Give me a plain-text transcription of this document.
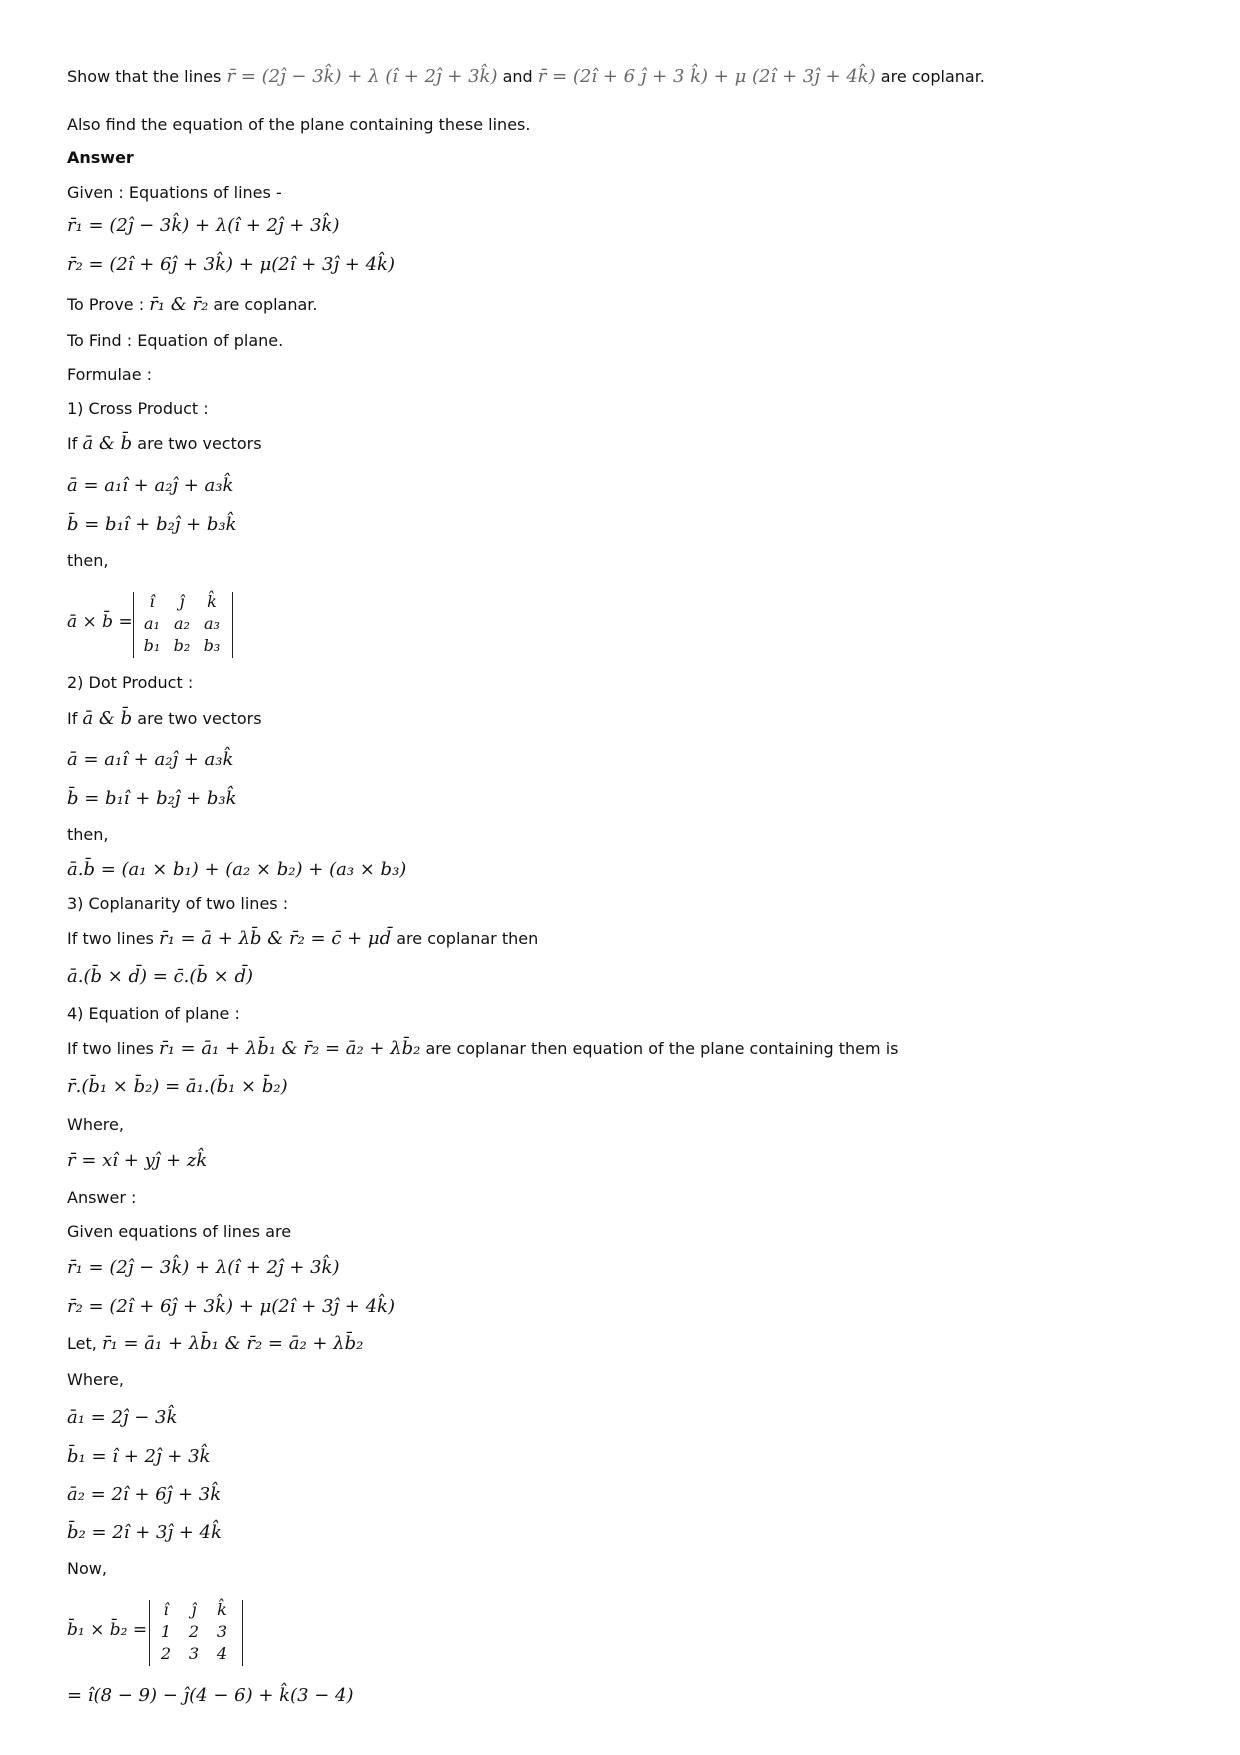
Show that the lines r̄ = (2ĵ − 3k̂) + λ (î + 2ĵ + 3k̂) and r̄ = (2î + 6 ĵ + 3 k̂) + μ (2î + 3ĵ + 4k̂) are coplanar.
Also find the equation of the plane containing these lines.
Answer
Given : Equations of lines -
r̄₁ = (2ĵ − 3k̂) + λ(î + 2ĵ + 3k̂)
r̄₂ = (2î + 6ĵ + 3k̂) + μ(2î + 3ĵ + 4k̂)
To Prove : r̄₁ & r̄₂ are coplanar.
To Find : Equation of plane.
Formulae :
1) Cross Product :
If ā & b̄ are two vectors
ā = a₁î + a₂ĵ + a₃k̂
b̄ = b₁î + b₂ĵ + b₃k̂
then,
ā × b̄ =
î	ĵ	k̂
a₁ a₂ a₃
b₁ b₂ b₃
2) Dot Product :
If ā & b̄ are two vectors
ā = a₁î + a₂ĵ + a₃k̂
b̄ = b₁î + b₂ĵ + b₃k̂
then,
ā.b̄ = (a₁ × b₁) + (a₂ × b₂) + (a₃ × b₃)
3) Coplanarity of two lines :
If two lines r̄₁ = ā + λb̄ & r̄₂ = c̄ + μd̄ are coplanar then
ā.(b̄ × d̄) = c̄.(b̄ × d̄)
4) Equation of plane :
If two lines r̄₁ = ā₁ + λb̄₁ & r̄₂ = ā₂ + λb̄₂ are coplanar then equation of the plane containing them is
r̄.(b̄₁ × b̄₂) = ā₁.(b̄₁ × b̄₂)
Where,
r̄ = xî + yĵ + zk̂
Answer :
Given equations of lines are
r̄₁ = (2ĵ − 3k̂) + λ(î + 2ĵ + 3k̂)
r̄₂ = (2î + 6ĵ + 3k̂) + μ(2î + 3ĵ + 4k̂)
Let, r̄₁ = ā₁ + λb̄₁ & r̄₂ = ā₂ + λb̄₂
Where,
ā₁ = 2ĵ − 3k̂
b̄₁ = î + 2ĵ + 3k̂
ā₂ = 2î + 6ĵ + 3k̂
b̄₂ = 2î + 3ĵ + 4k̂
Now,
b̄₁ × b̄₂ =
î	ĵ	k̂
1	2	3
2	3	4
= î(8 − 9) − ĵ(4 − 6) + k̂(3 − 4)
